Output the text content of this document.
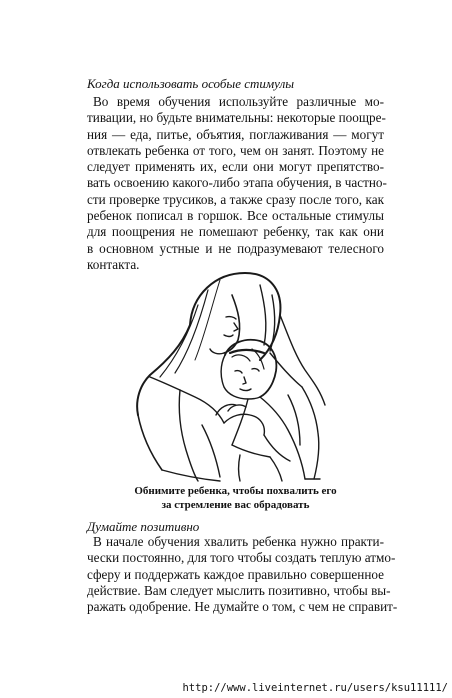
Когда использовать особые стимулы
Во время обучения используйте различные мо-
тивации, но будьте внимательны: некоторые поощре-
ния — еда, питье, объятия, поглаживания — могут
отвлекать ребенка от того, чем он занят. Поэтому не
следует применять их, если они могут препятство-
вать освоению какого-либо этапа обучения, в частно-
сти проверке трусиков, а также сразу после того, как
ребенок пописал в горшок. Все остальные стимулы
для поощрения не помешают ребенку, так как они
в основном устные и не подразумевают телесного
контакта.
Обнимите ребенка, чтобы похвалить его
за стремление вас обрадовать
Думайте позитивно
В начале обучения хвалить ребенка нужно практи-
чески постоянно, для того чтобы создать теплую атмо-
сферу и поддержать каждое правильно совершенное
действие. Вам следует мыслить позитивно, чтобы вы-
ражать одобрение. Не думайте о том, с чем не справит-
http://www.liveinternet.ru/users/ksu11111/
